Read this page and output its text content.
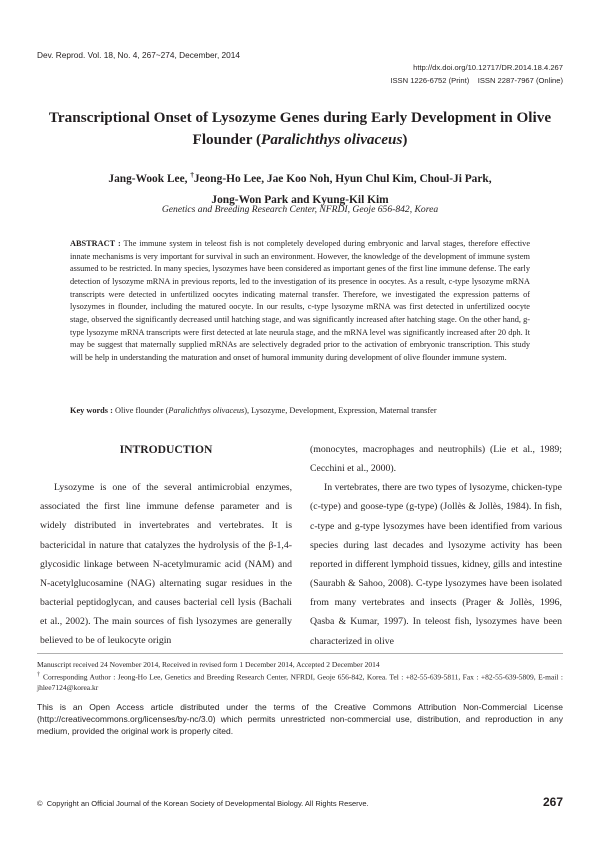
Dev. Reprod. Vol. 18, No. 4, 267~274, December, 2014
http://dx.doi.org/10.12717/DR.2014.18.4.267
ISSN 1226-6752 (Print)    ISSN 2287-7967 (Online)
Transcriptional Onset of Lysozyme Genes during Early Development in Olive Flounder (Paralichthys olivaceus)
Jang-Wook Lee, †Jeong-Ho Lee, Jae Koo Noh, Hyun Chul Kim, Choul-Ji Park,
Jong-Won Park and Kyung-Kil Kim
Genetics and Breeding Research Center, NFRDI, Geoje 656-842, Korea
ABSTRACT : The immune system in teleost fish is not completely developed during embryonic and larval stages, therefore effective innate mechanisms is very important for survival in such an environment. However, the knowledge of the development of immune system assumed to be restricted. In many species, lysozymes have been considered as important genes of the first line immune defense. The early detection of lysozyme mRNA in previous reports, led to the investigation of its presence in oocytes. As a result, c-type lysozyme mRNA transcripts were detected in unfertilized oocytes indicating maternal transfer. Therefore, we investigated the expression patterns of lysozymes in flounder, including the matured oocyte. In our results, c-type lysozyme mRNA was first detected in unfertilized oocyte stage, observed the significantly decreased until hatching stage, and was significantly increased after hatching stage. On the other hand, g-type lysozyme mRNA transcripts were first detected at late neurula stage, and the mRNA level was significantly increased after 20 dph. It may be suggest that maternally supplied mRNAs are selectively degraded prior to the activation of embryonic transcription. This study will be help in understanding the maturation and onset of humoral immunity during development of olive flounder immune system.
Key words : Olive flounder (Paralichthys olivaceus), Lysozyme, Development, Expression, Maternal transfer
INTRODUCTION

Lysozyme is one of the several antimicrobial enzymes, associated the first line immune defense parameter and is widely distributed in invertebrates and vertebrates. It is bactericidal in nature that catalyzes the hydrolysis of the β-1,4-glycosidic linkage between N-acetylmuramic acid (NAM) and N-acetylglucosamine (NAG) alternating sugar residues in the bacterial peptidoglycan, and causes bacterial cell lysis (Bachali et al., 2002). The main sources of fish lysozymes are generally believed to be of leukocyte origin

(monocytes, macrophages and neutrophils) (Lie et al., 1989; Cecchini et al., 2000).

In vertebrates, there are two types of lysozyme, chicken-type (c-type) and goose-type (g-type) (Jollès & Jollès, 1984). In fish, c-type and g-type lysozymes have been identified from various species during last decades and lysozyme activity has been reported in different lymphoid tissues, kidney, gills and intestine (Saurabh & Sahoo, 2008). C-type lysozymes have been isolated from many vertebrates and insects (Prager & Jollès, 1996, Qasba & Kumar, 1997). In teleost fish, lysozymes have been characterized in olive

Manuscript received 24 November 2014, Received in revised form 1 December 2014, Accepted 2 December 2014
† Corresponding Author : Jeong-Ho Lee, Genetics and Breeding Research Center, NFRDI, Geoje 656-842, Korea. Tel : +82-55-639-5811, Fax : +82-55-639-5809, E-mail : jhlee7124@korea.kr
This is an Open Access article distributed under the terms of the Creative Commons Attribution Non-Commercial License (http://creativecommons.org/licenses/by-nc/3.0) which permits unrestricted non-commercial use, distribution, and reproduction in any medium, provided the original work is properly cited.
©  Copyright an Official Journal of the Korean Society of Developmental Biology. All Rights Reserve.	267
